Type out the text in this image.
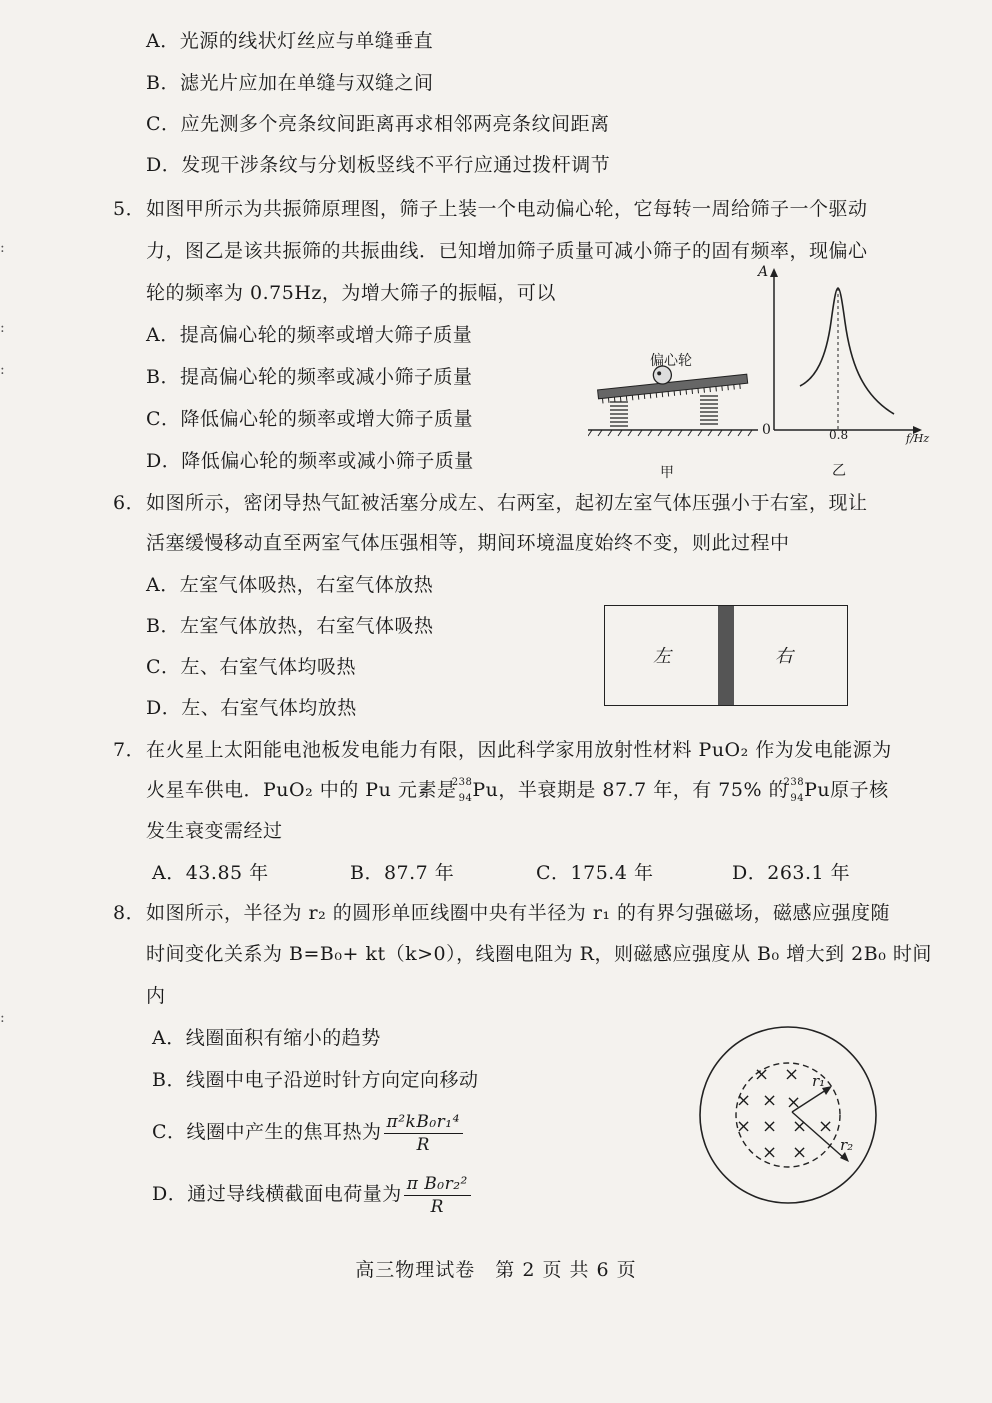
:
:
:
:
A．光源的线状灯丝应与单缝垂直
B．滤光片应加在单缝与双缝之间
C．应先测多个亮条纹间距离再求相邻两亮条纹间距离
D．发现干涉条纹与分划板竖线不平行应通过拨杆调节
5． 如图甲所示为共振筛原理图，筛子上装一个电动偏心轮，它每转一周给筛子一个驱动
力，图乙是该共振筛的共振曲线．已知增加筛子质量可减小筛子的固有频率，现偏心
轮的频率为 0.75Hz，为增大筛子的振幅，可以
A．提高偏心轮的频率或增大筛子质量
B．提高偏心轮的频率或减小筛子质量
C．降低偏心轮的频率或增大筛子质量
D．降低偏心轮的频率或减小筛子质量
偏心轮
甲
A
0	0.8	f/Hz
乙
6． 如图所示，密闭导热气缸被活塞分成左、右两室，起初左室气体压强小于右室，现让
活塞缓慢移动直至两室气体压强相等，期间环境温度始终不变，则此过程中
A．左室气体吸热，右室气体放热
B．左室气体放热，右室气体吸热
C．左、右室气体均吸热
D．左、右室气体均放热
左	右
7． 在火星上太阳能电池板发电能力有限，因此科学家用放射性材料 PuO₂ 作为发电能源为
火星车供电．PuO₂ 中的 Pu 元素是
238
94 Pu，半衰期是 87.7 年，有 75% 的
238
94 Pu原子核
发生衰变需经过
A．43.85 年	B．87.7 年	C．175.4 年	D．263.1 年
8． 如图所示，半径为 r₂ 的圆形单匝线圈中央有半径为 r₁ 的有界匀强磁场，磁感应强度随
时间变化关系为 B=B₀+ kt（k>0），线圈电阻为 R，则磁感应强度从 B₀ 增大到 2B₀ 时间
内
A．线圈面积有缩小的趋势
B．线圈中电子沿逆时针方向定向移动
C．线圈中产生的焦耳热为 $\frac{\text{π²kB₀r₁⁴}}{R}$
D．通过导线横截面电荷量为 $\frac{\text{π B₀r₂²}}{R}$
× ×
× × ×
× × × ×
× ×
r₁
r₂
高三物理试卷　第 2 页 共 6 页
